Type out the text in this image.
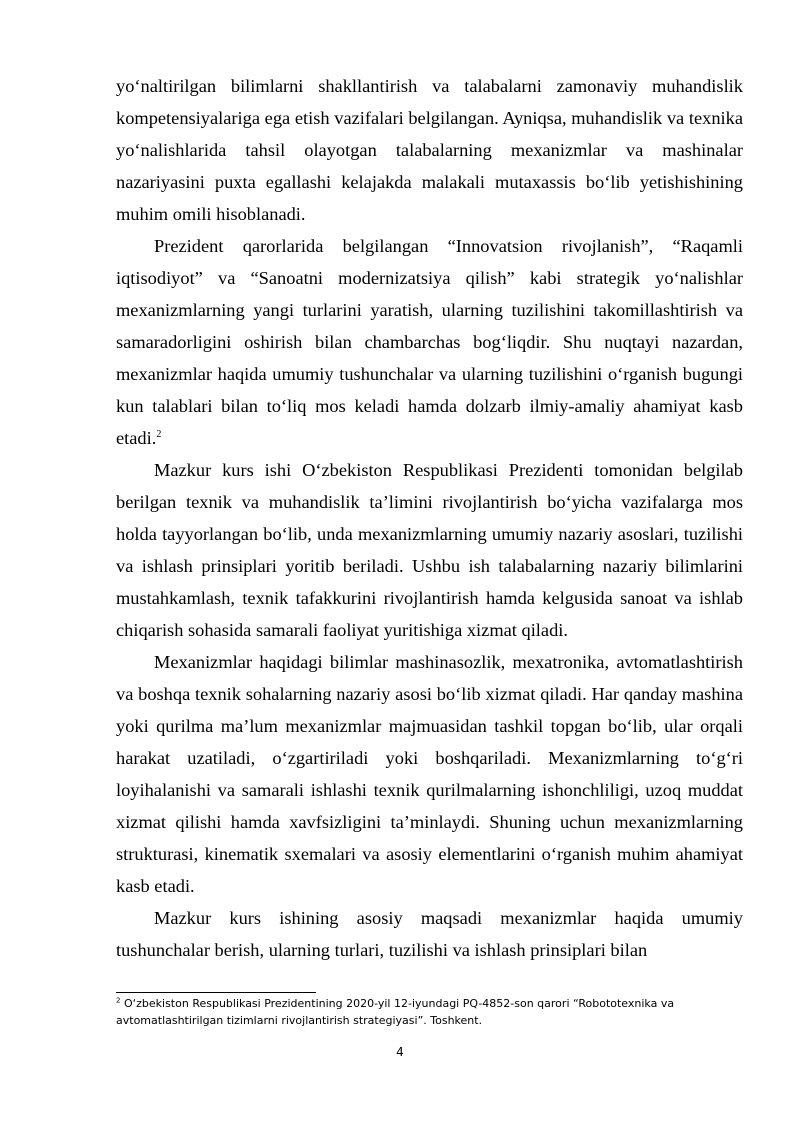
yo‘naltirilgan bilimlarni shakllantirish va talabalarni zamonaviy muhandislik kompetensiyalariga ega etish vazifalari belgilangan. Ayniqsa, muhandislik va texnika yo‘nalishlarida tahsil olayotgan talabalarning mexanizmlar va mashinalar nazariyasini puxta egallashi kelajakda malakali mutaxassis bo‘lib yetishishining muhim omili hisoblanadi.

Prezident qarorlarida belgilangan “Innovatsion rivojlanish”, “Raqamli iqtisodiyot” va “Sanoatni modernizatsiya qilish” kabi strategik yo‘nalishlar mexanizmlarning yangi turlarini yaratish, ularning tuzilishini takomillashtirish va samaradorligini oshirish bilan chambarchas bog‘liqdir. Shu nuqtayi nazardan, mexanizmlar haqida umumiy tushunchalar va ularning tuzilishini o‘rganish bugungi kun talablari bilan to‘liq mos keladi hamda dolzarb ilmiy-amaliy ahamiyat kasb etadi.$^2$

Mazkur kurs ishi O‘zbekiston Respublikasi Prezidenti tomonidan belgilab berilgan texnik va muhandislik ta’limini rivojlantirish bo‘yicha vazifalarga mos holda tayyorlangan bo‘lib, unda mexanizmlarning umumiy nazariy asoslari, tuzilishi va ishlash prinsiplari yoritib beriladi. Ushbu ish talabalarning nazariy bilimlarini mustahkamlash, texnik tafakkurini rivojlantirish hamda kelgusida sanoat va ishlab chiqarish sohasida samarali faoliyat yuritishiga xizmat qiladi.

Mexanizmlar haqidagi bilimlar mashinasozlik, mexatronika, avtomatlashtirish va boshqa texnik sohalarning nazariy asosi bo‘lib xizmat qiladi. Har qanday mashina yoki qurilma ma’lum mexanizmlar majmuasidan tashkil topgan bo‘lib, ular orqali harakat uzatiladi, o‘zgartiriladi yoki boshqariladi. Mexanizmlarning to‘g‘ri loyihalanishi va samarali ishlashi texnik qurilmalarning ishonchliligi, uzoq muddat xizmat qilishi hamda xavfsizligini ta’minlaydi. Shuning uchun mexanizmlarning strukturasi, kinematik sxemalari va asosiy elementlarini o‘rganish muhim ahamiyat kasb etadi.

Mazkur kurs ishining asosiy maqsadi mexanizmlar haqida umumiy tushunchalar berish, ularning turlari, tuzilishi va ishlash prinsiplari bilan

$^2$ O‘zbekiston Respublikasi Prezidentining 2020-yil 12-iyundagi PQ-4852-son qarori “Robototexnika va avtomatlashtirilgan tizimlarni rivojlantirish strategiyasi”. Toshkent.
4
